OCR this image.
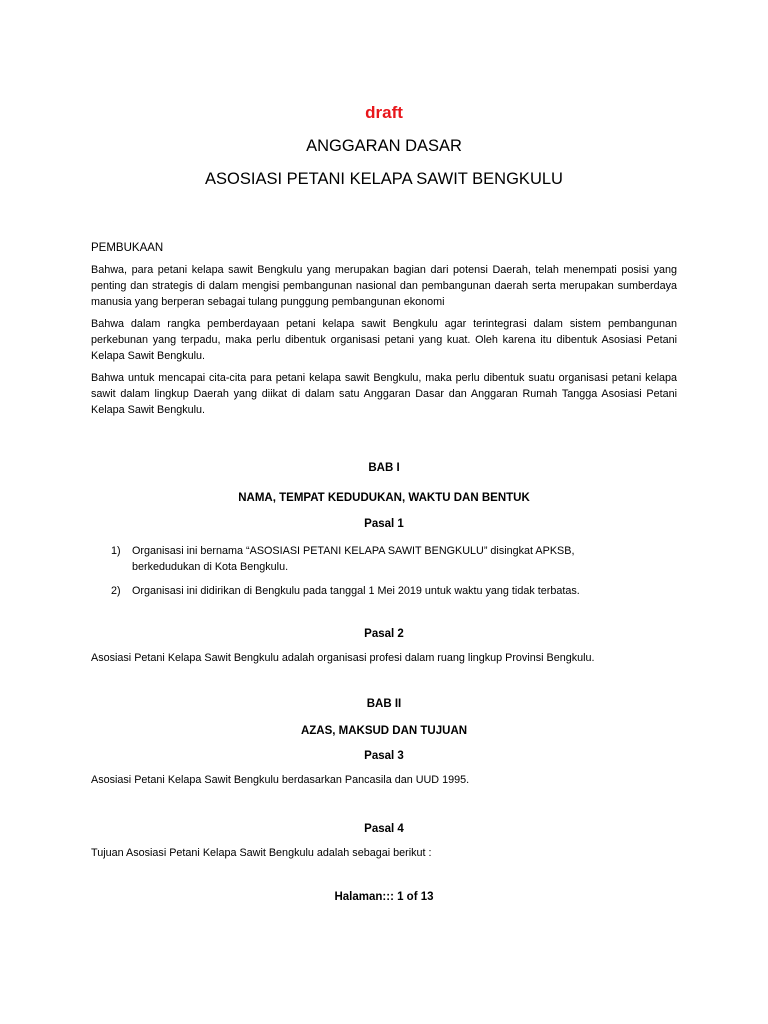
draft
ANGGARAN DASAR
ASOSIASI PETANI KELAPA SAWIT BENGKULU
PEMBUKAAN

Bahwa, para petani kelapa sawit Bengkulu yang merupakan bagian dari potensi Daerah, telah menempati posisi yang penting dan strategis di dalam mengisi pembangunan nasional dan pembangunan daerah serta merupakan sumberdaya manusia yang berperan sebagai tulang punggung pembangunan ekonomi

Bahwa dalam rangka pemberdayaan petani kelapa sawit Bengkulu agar terintegrasi dalam sistem pembangunan perkebunan yang terpadu, maka perlu dibentuk organisasi petani yang kuat. Oleh karena itu dibentuk Asosiasi Petani Kelapa Sawit Bengkulu.

Bahwa untuk mencapai cita-cita para petani kelapa sawit Bengkulu, maka perlu dibentuk suatu organisasi petani kelapa sawit dalam lingkup Daerah yang diikat di dalam satu Anggaran Dasar dan Anggaran Rumah Tangga Asosiasi Petani Kelapa Sawit Bengkulu.

BAB I
NAMA, TEMPAT KEDUDUKAN, WAKTU DAN BENTUK
Pasal 1
1)	Organisasi ini bernama “ASOSIASI PETANI KELAPA SAWIT BENGKULU” disingkat APKSB, berkedudukan di Kota Bengkulu.
2)	Organisasi ini didirikan di Bengkulu pada tanggal 1 Mei 2019 untuk waktu yang tidak terbatas.
Pasal 2

Asosiasi Petani Kelapa Sawit Bengkulu adalah organisasi profesi dalam ruang lingkup Provinsi Bengkulu.

BAB II
AZAS, MAKSUD DAN TUJUAN
Pasal 3

Asosiasi Petani Kelapa Sawit Bengkulu berdasarkan Pancasila dan UUD 1995.

Pasal 4

Tujuan Asosiasi Petani Kelapa Sawit Bengkulu adalah sebagai berikut :

Halaman::: 1 of 13
